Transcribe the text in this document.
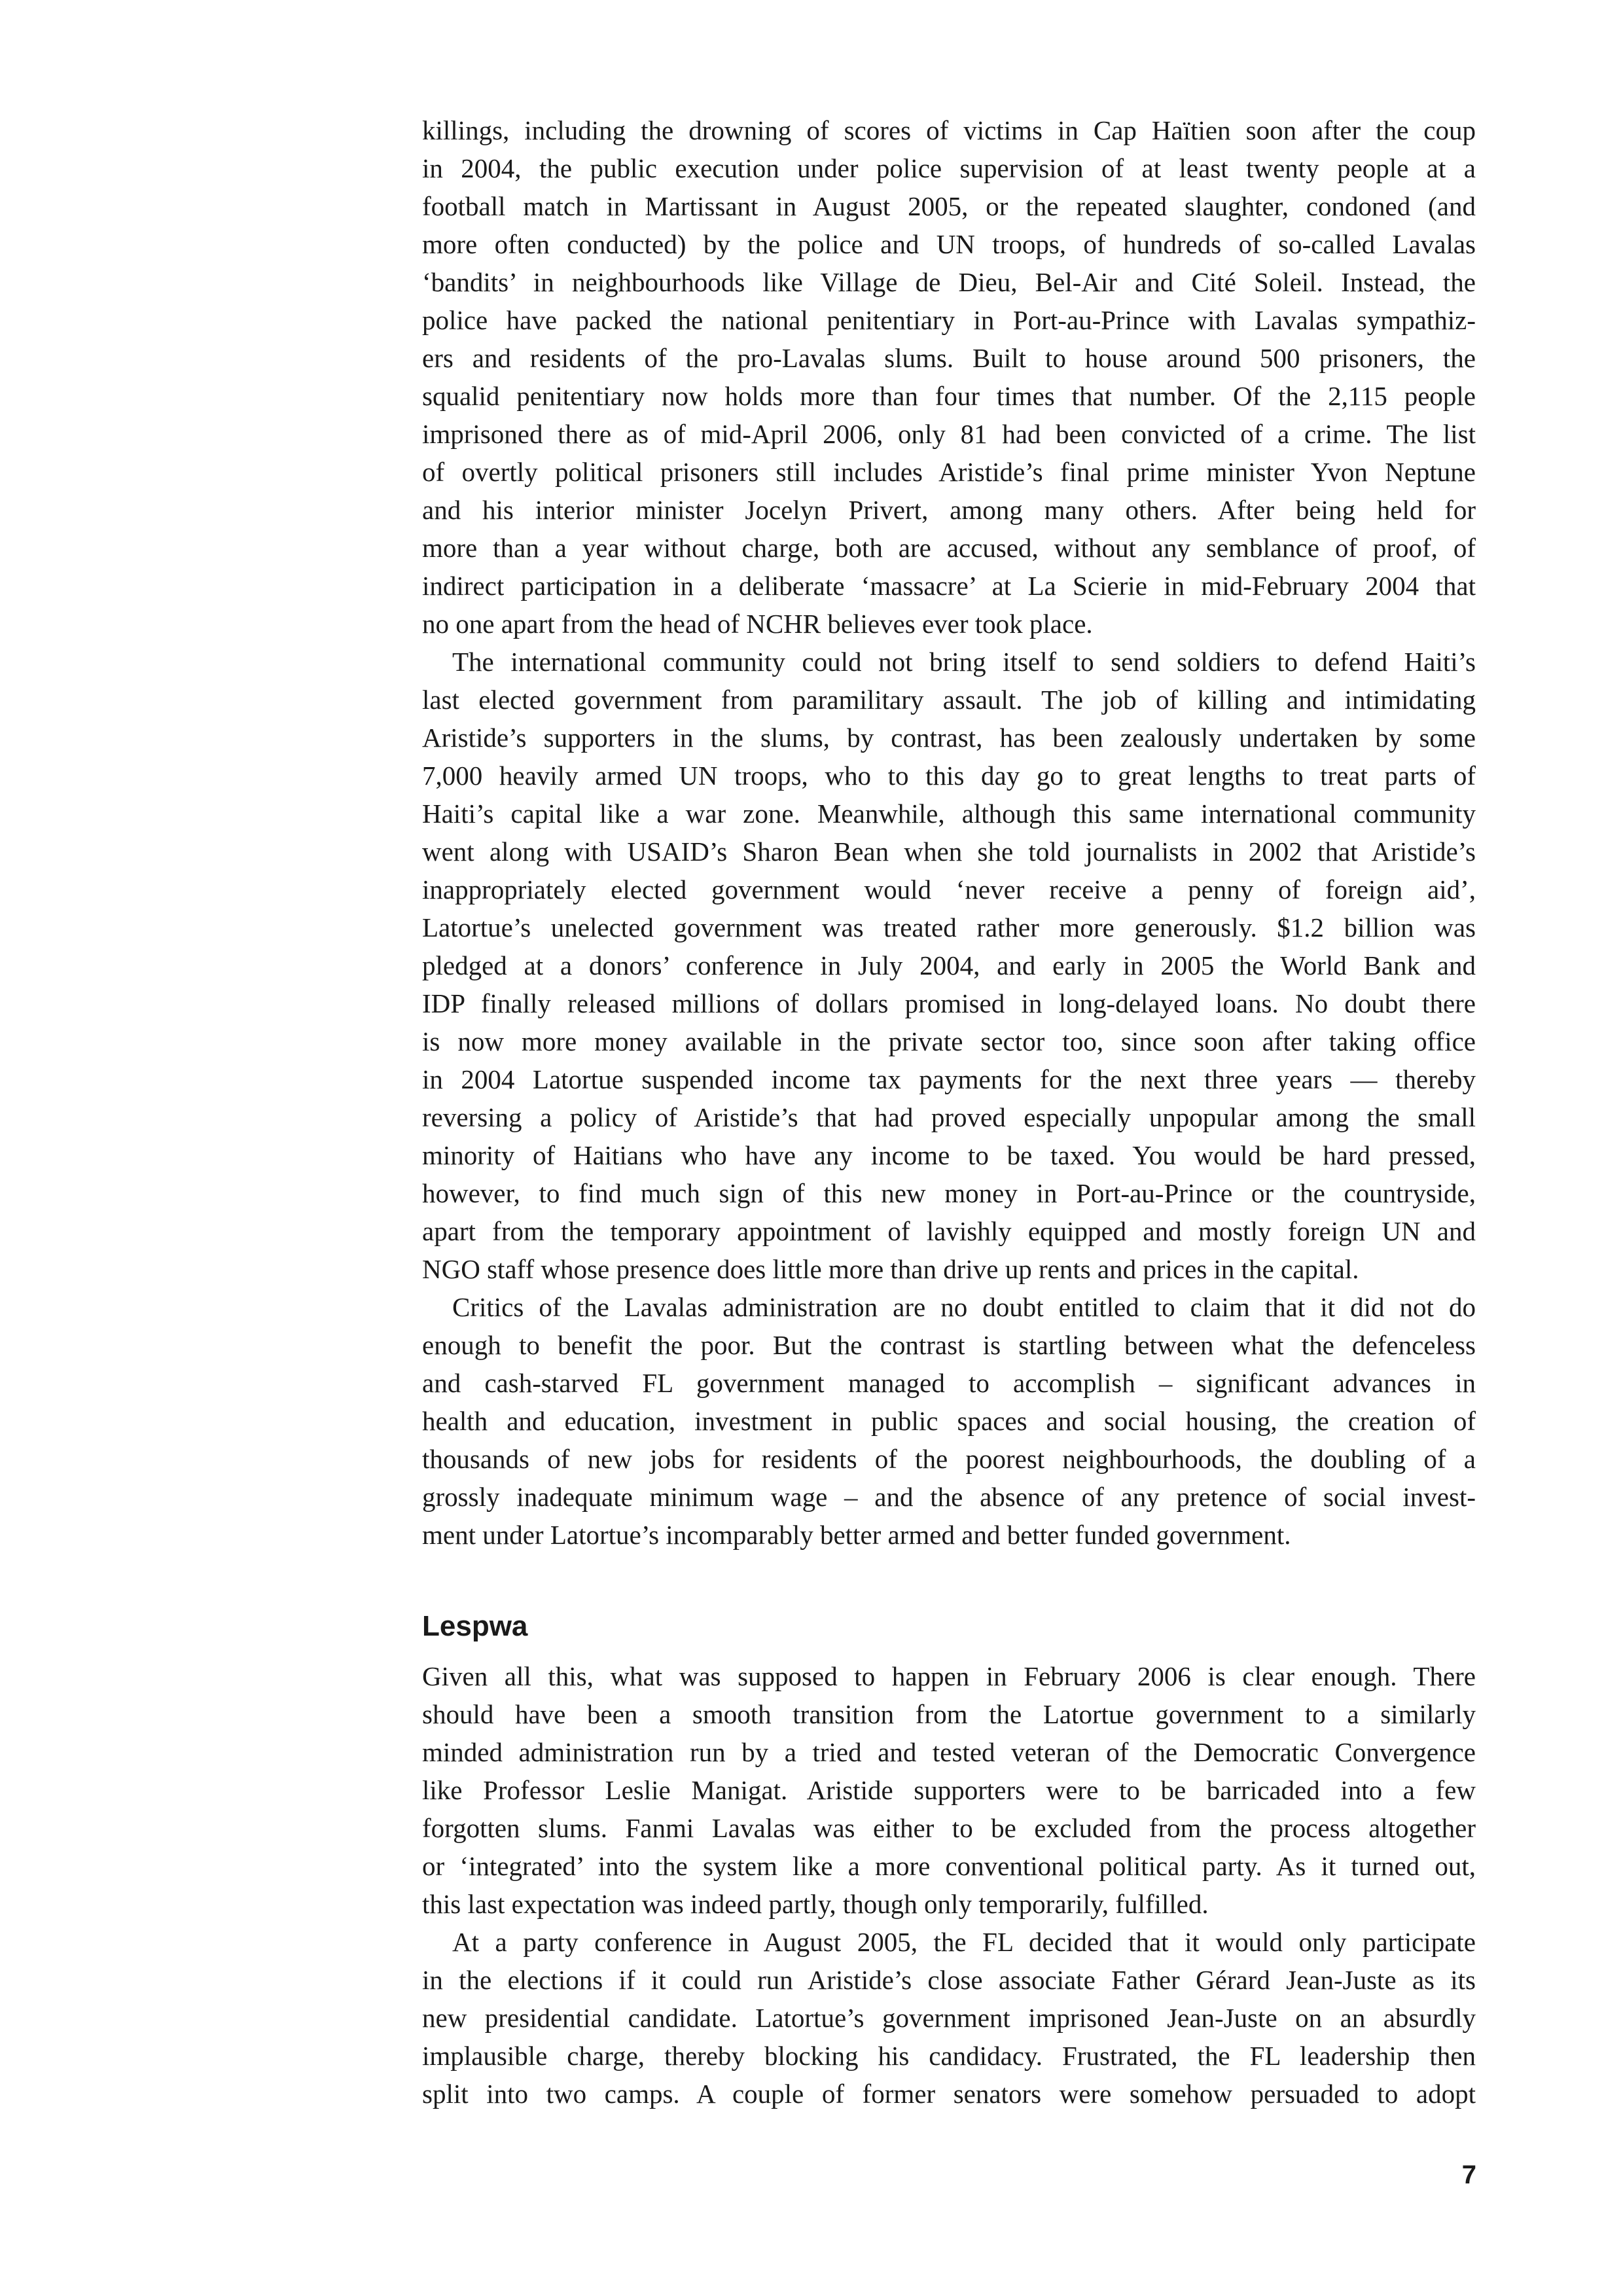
killings, including the drowning of scores of victims in Cap Haïtien soon after the coup
in 2004, the public execution under police supervision of at least twenty people at a
football match in Martissant in August 2005, or the repeated slaughter, condoned (and
more often conducted) by the police and UN troops, of hundreds of so-called Lavalas
‘bandits’ in neighbourhoods like Village de Dieu, Bel-Air and Cité Soleil. Instead, the
police have packed the national penitentiary in Port-au-Prince with Lavalas sympathiz-
ers and residents of the pro-Lavalas slums. Built to house around 500 prisoners, the
squalid penitentiary now holds more than four times that number. Of the 2,115 people
imprisoned there as of mid-April 2006, only 81 had been convicted of a crime. The list
of overtly political prisoners still includes Aristide’s final prime minister Yvon Neptune
and his interior minister Jocelyn Privert, among many others. After being held for
more than a year without charge, both are accused, without any semblance of proof, of
indirect participation in a deliberate ‘massacre’ at La Scierie in mid-February 2004 that
no one apart from the head of NCHR believes ever took place.
The international community could not bring itself to send soldiers to defend Haiti’s
last elected government from paramilitary assault. The job of killing and intimidating
Aristide’s supporters in the slums, by contrast, has been zealously undertaken by some
7,000 heavily armed UN troops, who to this day go to great lengths to treat parts of
Haiti’s capital like a war zone. Meanwhile, although this same international community
went along with USAID’s Sharon Bean when she told journalists in 2002 that Aristide’s
inappropriately elected government would ‘never receive a penny of foreign aid’,
Latortue’s unelected government was treated rather more generously. $1.2 billion was
pledged at a donors’ conference in July 2004, and early in 2005 the World Bank and
IDP finally released millions of dollars promised in long-delayed loans. No doubt there
is now more money available in the private sector too, since soon after taking office
in 2004 Latortue suspended income tax payments for the next three years — thereby
reversing a policy of Aristide’s that had proved especially unpopular among the small
minority of Haitians who have any income to be taxed. You would be hard pressed,
however, to find much sign of this new money in Port-au-Prince or the countryside,
apart from the temporary appointment of lavishly equipped and mostly foreign UN and
NGO staff whose presence does little more than drive up rents and prices in the capital.
Critics of the Lavalas administration are no doubt entitled to claim that it did not do
enough to benefit the poor. But the contrast is startling between what the defenceless
and cash-starved FL government managed to accomplish – significant advances in
health and education, investment in public spaces and social housing, the creation of
thousands of new jobs for residents of the poorest neighbourhoods, the doubling of a
grossly inadequate minimum wage – and the absence of any pretence of social invest-
ment under Latortue’s incomparably better armed and better funded government.
Lespwa
Given all this, what was supposed to happen in February 2006 is clear enough. There
should have been a smooth transition from the Latortue government to a similarly
minded administration run by a tried and tested veteran of the Democratic Convergence
like Professor Leslie Manigat. Aristide supporters were to be barricaded into a few
forgotten slums. Fanmi Lavalas was either to be excluded from the process altogether
or ‘integrated’ into the system like a more conventional political party. As it turned out,
this last expectation was indeed partly, though only temporarily, fulfilled.
At a party conference in August 2005, the FL decided that it would only participate
in the elections if it could run Aristide’s close associate Father Gérard Jean-Juste as its
new presidential candidate. Latortue’s government imprisoned Jean-Juste on an absurdly
implausible charge, thereby blocking his candidacy. Frustrated, the FL leadership then
split into two camps. A couple of former senators were somehow persuaded to adopt
7
